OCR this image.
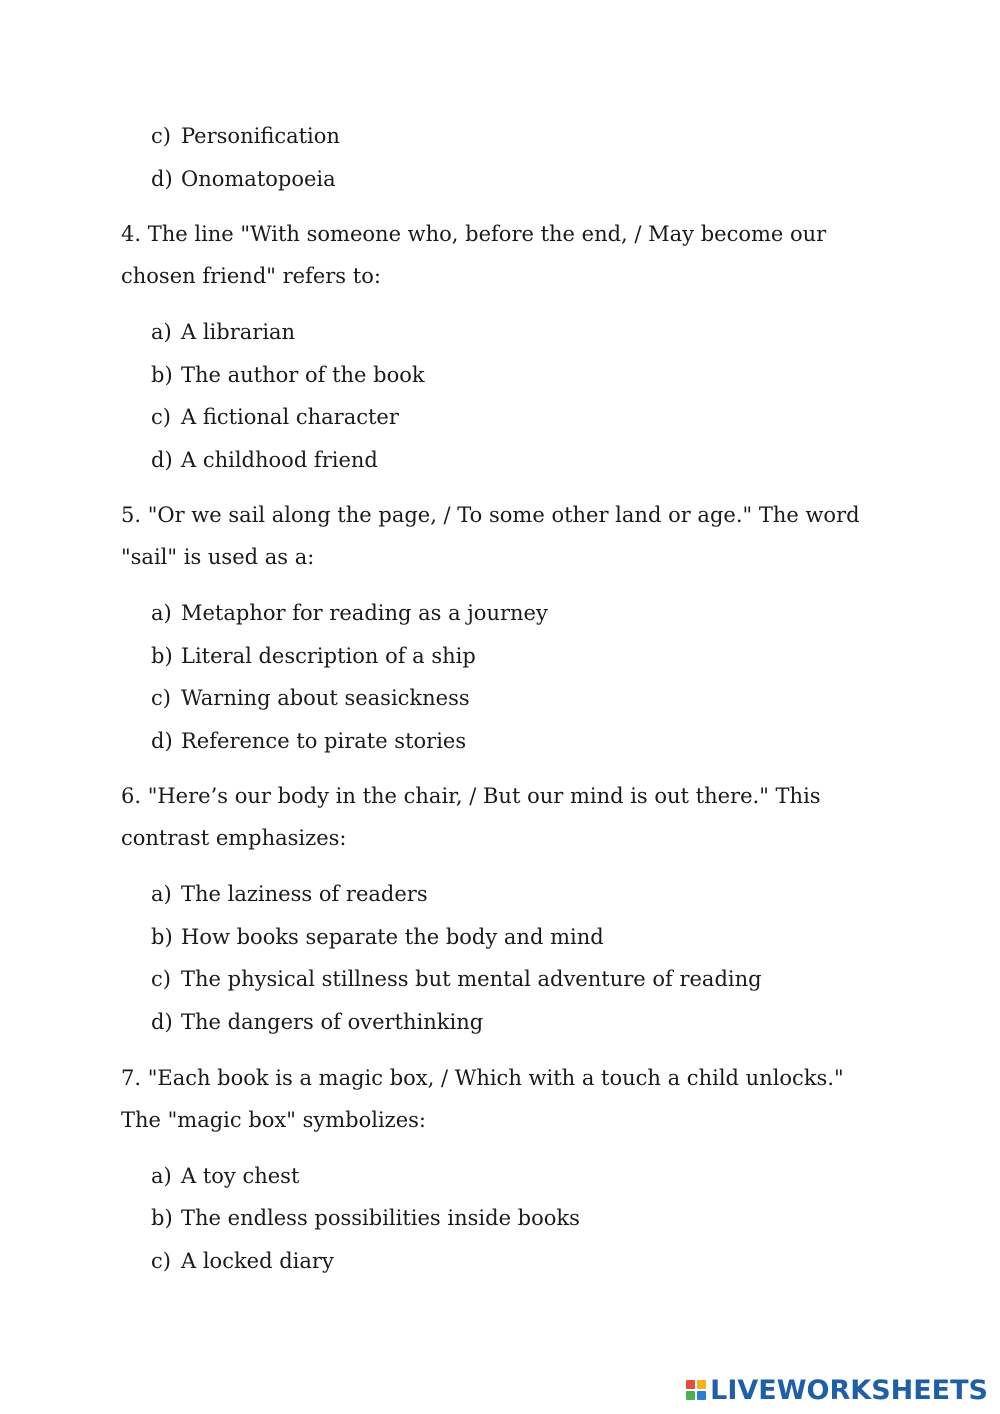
c) Personification
d) Onomatopoeia
4. The line "With someone who, before the end, / May become our
chosen friend" refers to:
a) A librarian
b) The author of the book
c) A fictional character
d) A childhood friend
5. "Or we sail along the page, / To some other land or age." The word
"sail" is used as a:
a) Metaphor for reading as a journey
b) Literal description of a ship
c) Warning about seasickness
d) Reference to pirate stories
6. "Here’s our body in the chair, / But our mind is out there." This
contrast emphasizes:
a) The laziness of readers
b) How books separate the body and mind
c) The physical stillness but mental adventure of reading
d) The dangers of overthinking
7. "Each book is a magic box, / Which with a touch a child unlocks."
The "magic box" symbolizes:
a) A toy chest
b) The endless possibilities inside books
c) A locked diary
LIVEWORKSHEETS
